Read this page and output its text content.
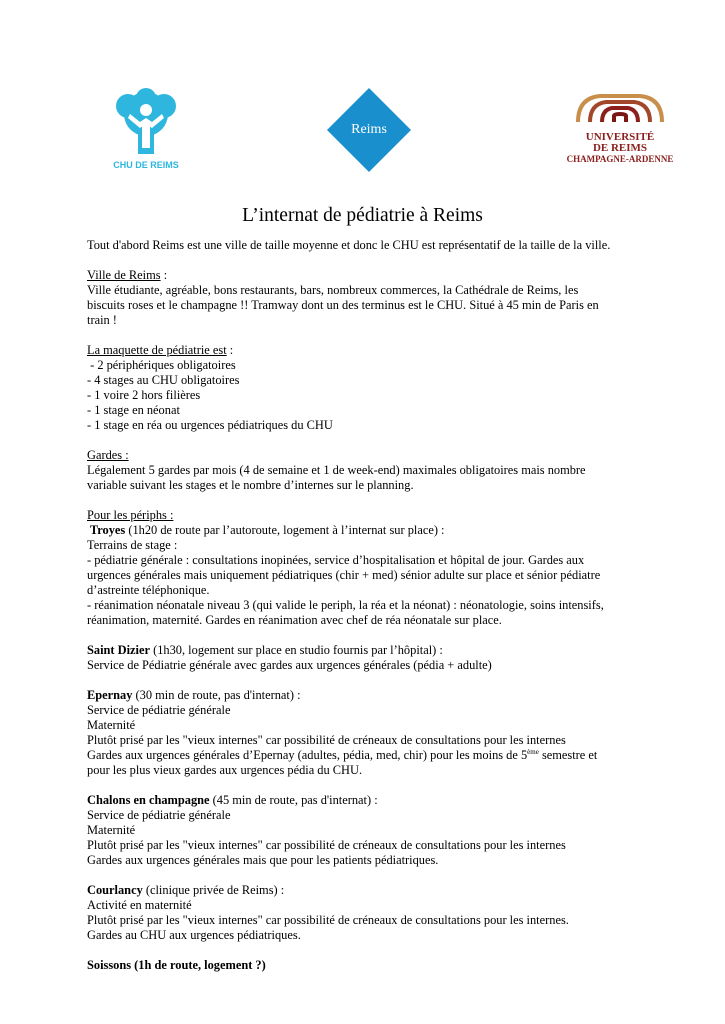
CHU DE REIMS
Reims	UNIVERSITÉ
DE REIMS
CHAMPAGNE-ARDENNE
L’internat de pédiatrie à Reims

Tout d'abord Reims est une ville de taille moyenne et donc le CHU est représentatif de la taille de la ville.

Ville de Reims :

Ville étudiante, agréable, bons restaurants, bars, nombreux commerces, la Cathédrale de Reims, les

biscuits roses et le champagne !! Tramway dont un des terminus est le CHU. Situé à 45 min de Paris en

train !

La maquette de pédiatrie est :

- 2 périphériques obligatoires

- 4 stages au CHU obligatoires

- 1 voire 2 hors filières

- 1 stage en néonat

- 1 stage en réa ou urgences pédiatriques du CHU

Gardes :

Légalement 5 gardes par mois (4 de semaine et 1 de week-end) maximales obligatoires mais nombre

variable suivant les stages et le nombre d’internes sur le planning.

Pour les périphs :

Troyes (1h20 de route par l’autoroute, logement à l’internat sur place) :

Terrains de stage :

- pédiatrie générale : consultations inopinées, service d’hospitalisation et hôpital de jour. Gardes aux

urgences générales mais uniquement pédiatriques (chir + med) sénior adulte sur place et sénior pédiatre

d’astreinte téléphonique.

- réanimation néonatale niveau 3 (qui valide le periph, la réa et la néonat) : néonatologie, soins intensifs,

réanimation, maternité. Gardes en réanimation avec chef de réa néonatale sur place.

Saint Dizier (1h30, logement sur place en studio fournis par l’hôpital) :

Service de Pédiatrie générale avec gardes aux urgences générales (pédia + adulte)

Epernay (30 min de route, pas d'internat) :

Service de pédiatrie générale

Maternité

Plutôt prisé par les "vieux internes" car possibilité de créneaux de consultations pour les internes

Gardes aux urgences générales d’Epernay (adultes, pédia, med, chir) pour les moins de 5ème semestre et

pour les plus vieux gardes aux urgences pédia du CHU.

Chalons en champagne (45 min de route, pas d'internat) :

Service de pédiatrie générale

Maternité

Plutôt prisé par les "vieux internes" car possibilité de créneaux de consultations pour les internes

Gardes aux urgences générales mais que pour les patients pédiatriques.

Courlancy (clinique privée de Reims) :

Activité en maternité

Plutôt prisé par les "vieux internes" car possibilité de créneaux de consultations pour les internes.

Gardes au CHU aux urgences pédiatriques.

Soissons (1h de route, logement ?)
